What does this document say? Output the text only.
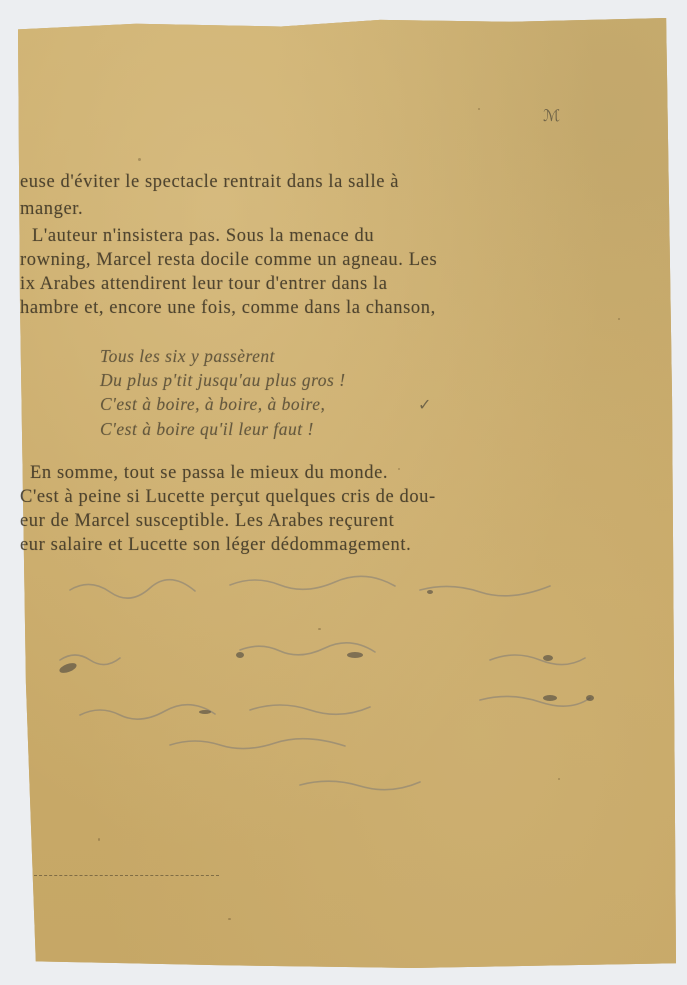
ℳ
✓
euse d'éviter le spectacle rentrait dans la salle à
manger.
L'auteur n'insistera pas. Sous la menace du
rowning, Marcel resta docile comme un agneau. Les
ix Arabes attendirent leur tour d'entrer dans la
hambre et, encore une fois, comme dans la chanson,
Tous les six y passèrent
Du plus p'tit jusqu'au plus gros !
C'est à boire, à boire, à boire,
C'est à boire qu'il leur faut !
En somme, tout se passa le mieux du monde.
C'est à peine si Lucette perçut quelques cris de dou-
eur de Marcel susceptible. Les Arabes reçurent
eur salaire et Lucette son léger dédommagement.
